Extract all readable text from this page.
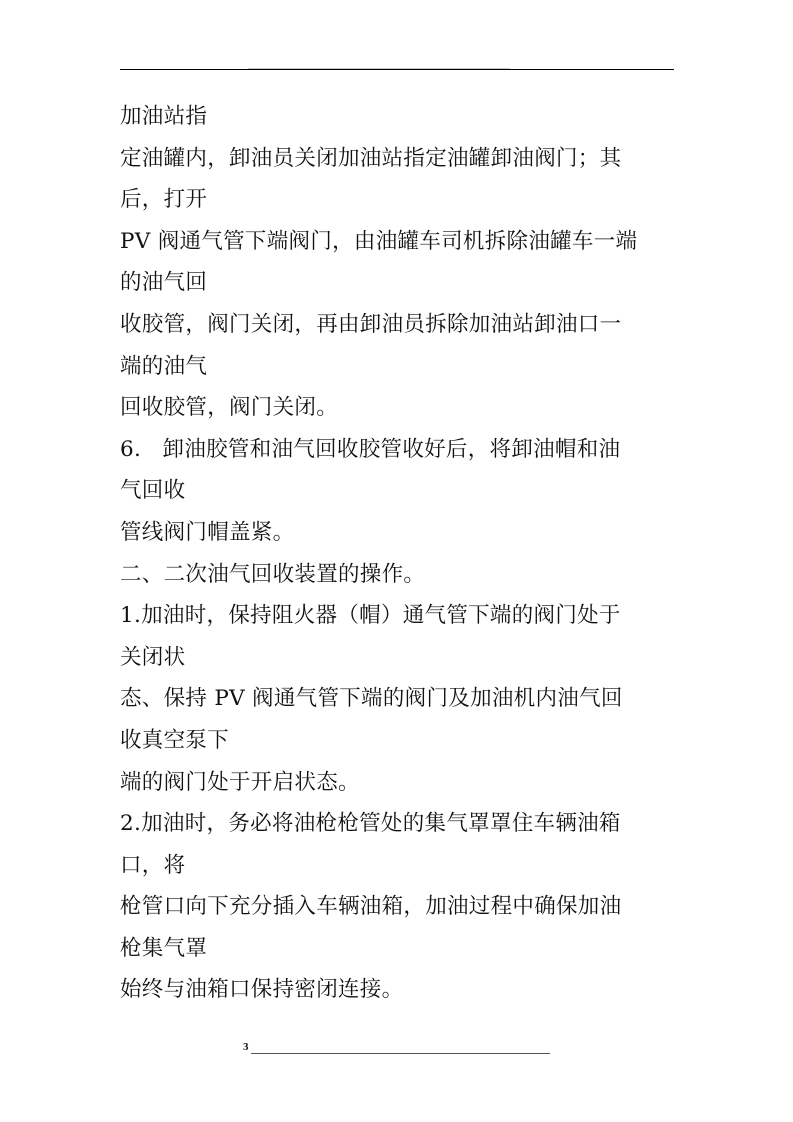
加油站指
定油罐内，卸油员关闭加油站指定油罐卸油阀门；其
后，打开
PV 阀通气管下端阀门，由油罐车司机拆除油罐车一端
的油气回
收胶管，阀门关闭，再由卸油员拆除加油站卸油口一
端的油气
回收胶管，阀门关闭。
6.   卸油胶管和油气回收胶管收好后，将卸油帽和油
气回收
管线阀门帽盖紧。
二、二次油气回收装置的操作。
1.加油时，保持阻火器（帽）通气管下端的阀门处于
关闭状
态、保持 PV 阀通气管下端的阀门及加油机内油气回
收真空泵下
端的阀门处于开启状态。
2.加油时，务必将油枪枪管处的集气罩罩住车辆油箱
口，将
枪管口向下充分插入车辆油箱，加油过程中确保加油
枪集气罩
始终与油箱口保持密闭连接。
3
